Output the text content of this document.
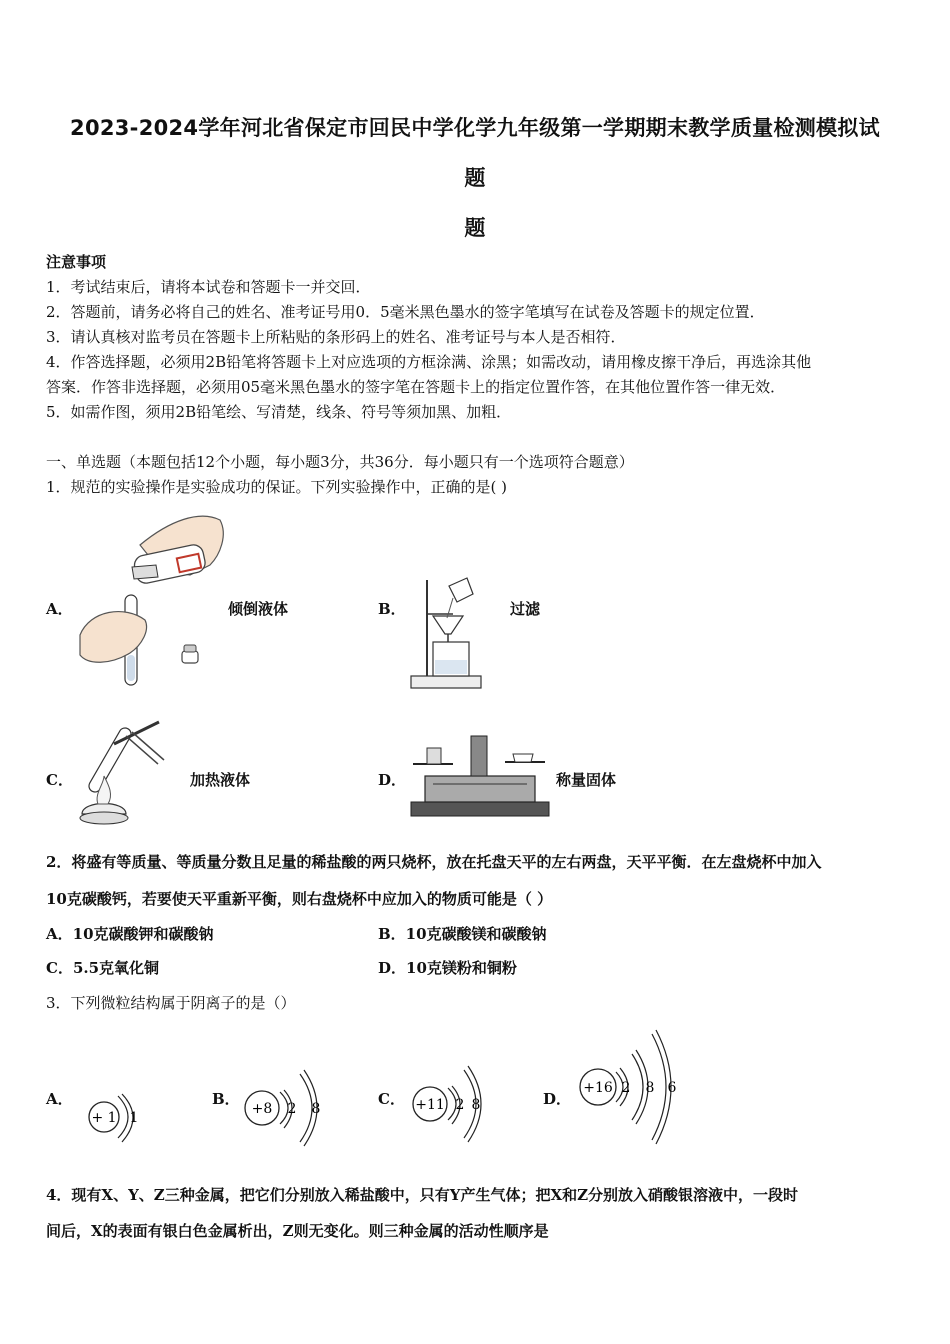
2023-2024学年河北省保定市回民中学化学九年级第一学期期末教学质量检测模拟试
题
题
注意事项
1．考试结束后，请将本试卷和答题卡一并交回．
2．答题前，请务必将自己的姓名、准考证号用0．5毫米黑色墨水的签字笔填写在试卷及答题卡的规定位置．
3．请认真核对监考员在答题卡上所粘贴的条形码上的姓名、准考证号与本人是否相符．
4．作答选择题，必须用2B铅笔将答题卡上对应选项的方框涂满、涂黑；如需改动，请用橡皮擦干净后，再选涂其他
答案．作答非选择题，必须用05毫米黑色墨水的签字笔在答题卡上的指定位置作答，在其他位置作答一律无效．
5．如需作图，须用2B铅笔绘、写清楚，线条、符号等须加黑、加粗．
一、单选题（本题包括12个小题，每小题3分，共36分．每小题只有一个选项符合题意）
1．规范的实验操作是实验成功的保证。下列实验操作中，正确的是( )
A．	倾倒液体	B．	过滤
C．	加热液体	D．	称量固体
2．将盛有等质量、等质量分数且足量的稀盐酸的两只烧杯，放在托盘天平的左右两盘，天平平衡．在左盘烧杯中加入
10克碳酸钙，若要使天平重新平衡，则右盘烧杯中应加入的物质可能是（ ）
A．10克碳酸钾和碳酸钠	B．10克碳酸镁和碳酸钠
C．5.5克氧化铜	D．10克镁粉和铜粉
3．下列微粒结构属于阴离子的是（）
A．
+ 1 1
B．
+8 2 8
C． +11 2 8	D．
+16 2 8 6
4．现有X、Y、Z三种金属，把它们分别放入稀盐酸中，只有Y产生气体；把X和Z分别放入硝酸银溶液中，一段时
间后，X的表面有银白色金属析出，Z则无变化。则三种金属的活动性顺序是
